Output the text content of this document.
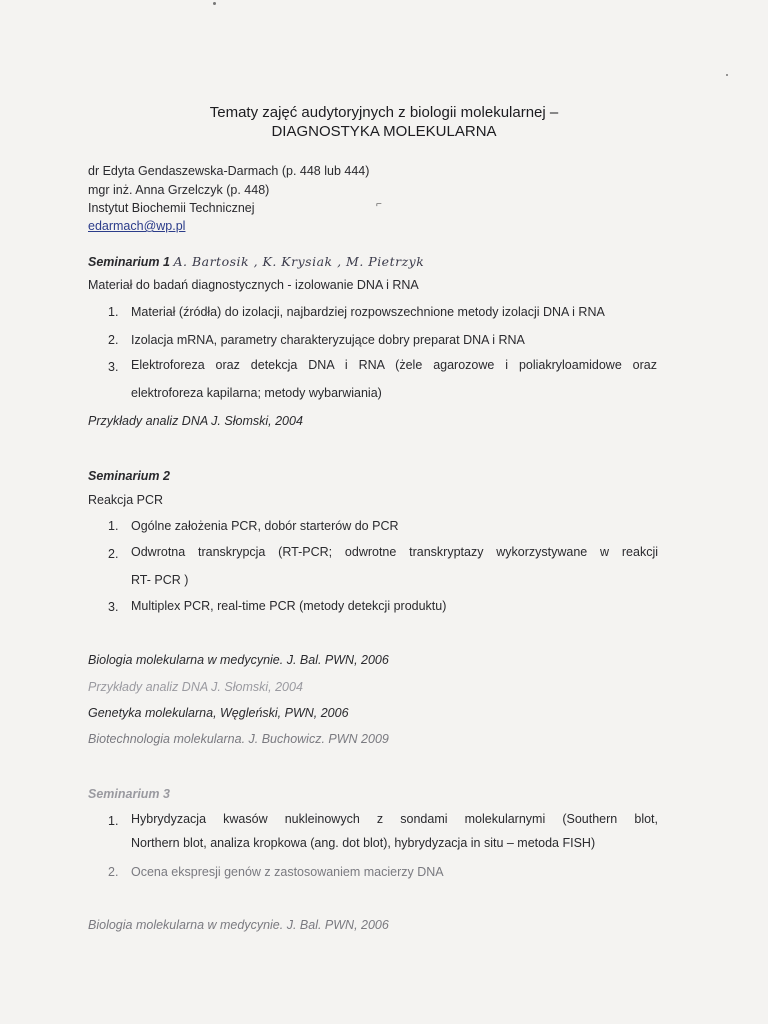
⌐
Tematy zajęć audytoryjnych z biologii molekularnej –
DIAGNOSTYKA MOLEKULARNA
dr Edyta Gendaszewska-Darmach (p. 448 lub 444)
mgr inż. Anna Grzelczyk (p. 448)
Instytut Biochemii Technicznej
edarmach@wp.pl
Seminarium 1 A. Bartosik , K. Krysiak , M. Pietrzyk
Materiał do badań diagnostycznych - izolowanie DNA i RNA
1. Materiał (źródła) do izolacji, najbardziej rozpowszechnione metody izolacji DNA i RNA
2. Izolacja mRNA, parametry charakteryzujące dobry preparat DNA i RNA
3. Elektroforeza oraz detekcja DNA i RNA (żele agarozowe i poliakryloamidowe oraz
elektroforeza kapilarna; metody wybarwiania)
Przykłady analiz DNA J. Słomski, 2004
Seminarium 2
Reakcja PCR
1. Ogólne założenia PCR, dobór starterów do PCR
2. Odwrotna transkrypcja (RT-PCR; odwrotne transkryptazy wykorzystywane w reakcji
RT- PCR )
3. Multiplex PCR, real-time PCR (metody detekcji produktu)
Biologia molekularna w medycynie. J. Bal. PWN, 2006
Przykłady analiz DNA J. Słomski, 2004
Genetyka molekularna, Węgleński, PWN, 2006
Biotechnologia molekularna. J. Buchowicz. PWN 2009
Seminarium 3
1. Hybrydyzacja kwasów nukleinowych z sondami molekularnymi (Southern blot,
Northern blot, analiza kropkowa (ang. dot blot), hybrydyzacja in situ – metoda FISH)
2. Ocena ekspresji genów z zastosowaniem macierzy DNA
Biologia molekularna w medycynie. J. Bal. PWN, 2006
